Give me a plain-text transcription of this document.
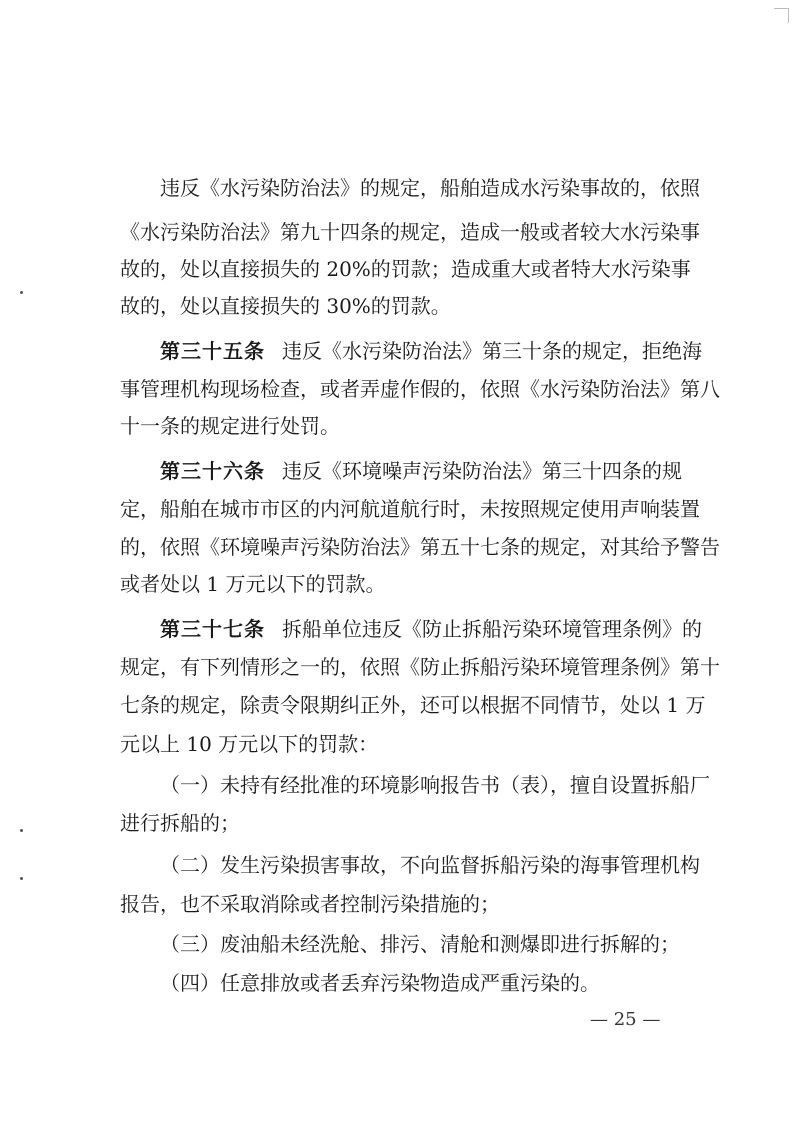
违反《水污染防治法》的规定，船舶造成水污染事故的，依照
《水污染防治法》第九十四条的规定，造成一般或者较大水污染事
故的，处以直接损失的 20%的罚款；造成重大或者特大水污染事
故的，处以直接损失的 30%的罚款。
第三十五条 违反《水污染防治法》第三十条的规定，拒绝海
事管理机构现场检查，或者弄虚作假的，依照《水污染防治法》第八
十一条的规定进行处罚。
第三十六条 违反《环境噪声污染防治法》第三十四条的规
定，船舶在城市市区的内河航道航行时，未按照规定使用声响装置
的，依照《环境噪声污染防治法》第五十七条的规定，对其给予警告
或者处以 1 万元以下的罚款。
第三十七条 拆船单位违反《防止拆船污染环境管理条例》的
规定，有下列情形之一的，依照《防止拆船污染环境管理条例》第十
七条的规定，除责令限期纠正外，还可以根据不同情节，处以 1 万
元以上 10 万元以下的罚款：
（一）未持有经批准的环境影响报告书（表），擅自设置拆船厂
进行拆船的；
（二）发生污染损害事故，不向监督拆船污染的海事管理机构
报告，也不采取消除或者控制污染措施的；
（三）废油船未经洗舱、排污、清舱和测爆即进行拆解的；
（四）任意排放或者丢弃污染物造成严重污染的。
— 25 —
